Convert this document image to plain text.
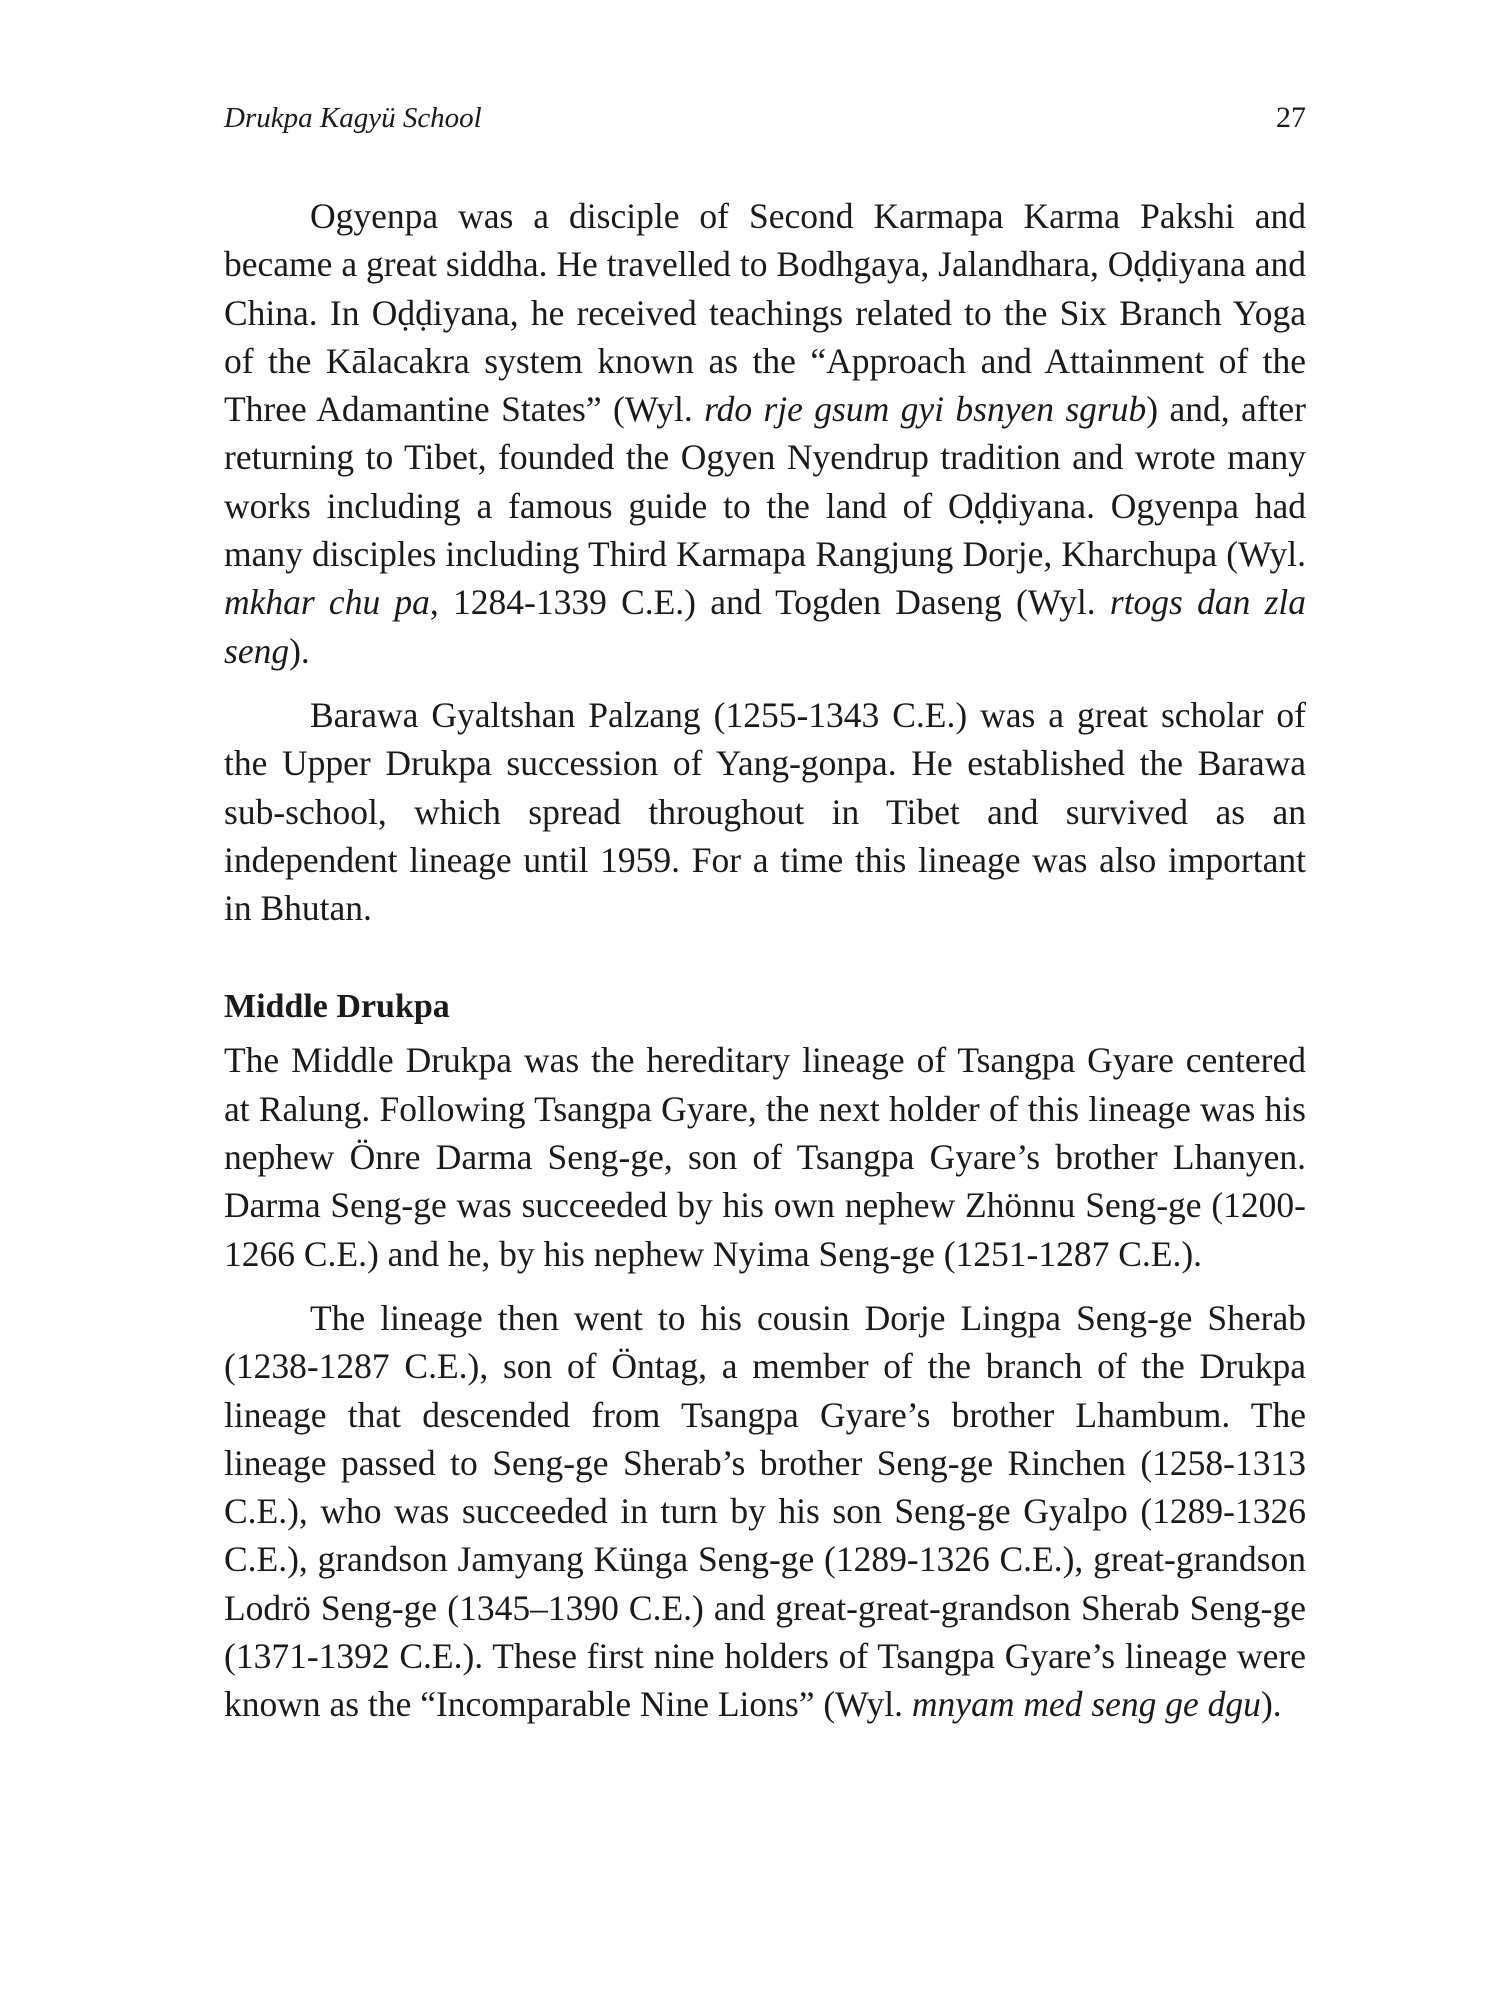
Drukpa Kagyü School	27

Ogyenpa was a disciple of Second Karmapa Karma Pakshi and became a great siddha. He travelled to Bodhgaya, Jalandhara, Oḍḍiyana and China. In Oḍḍiyana, he received teachings related to the Six Branch Yoga of the Kālacakra system known as the “Approach and Attainment of the Three Adamantine States” (Wyl. rdo rje gsum gyi bsnyen sgrub) and, after returning to Tibet, founded the Ogyen Nyendrup tradition and wrote many works including a famous guide to the land of Oḍḍiyana. Ogyenpa had many disciples including Third Karmapa Rangjung Dorje, Kharchupa (Wyl. mkhar chu pa, 1284-1339 C.E.) and Togden Daseng (Wyl. rtogs dan zla seng).

Barawa Gyaltshan Palzang (1255-1343 C.E.) was a great scholar of the Upper Drukpa succession of Yang-gonpa. He established the Barawa sub-school, which spread throughout in Tibet and survived as an independent lineage until 1959. For a time this lineage was also important in Bhutan.

Middle Drukpa

The Middle Drukpa was the hereditary lineage of Tsangpa Gyare centered at Ralung. Following Tsangpa Gyare, the next holder of this lineage was his nephew Önre Darma Seng-ge, son of Tsangpa Gyare’s brother Lhanyen. Darma Seng-ge was succeeded by his own nephew Zhönnu Seng-ge (1200-1266 C.E.) and he, by his nephew Nyima Seng-ge (1251-1287 C.E.).

The lineage then went to his cousin Dorje Lingpa Seng-ge Sherab (1238-1287 C.E.), son of Öntag, a member of the branch of the Drukpa lineage that descended from Tsangpa Gyare’s brother Lhambum. The lineage passed to Seng-ge Sherab’s brother Seng-ge Rinchen (1258-1313 C.E.), who was succeeded in turn by his son Seng-ge Gyalpo (1289-1326 C.E.), grandson Jamyang Künga Seng-ge (1289-1326 C.E.), great-grandson Lodrö Seng-ge (1345–1390 C.E.) and great-great-grandson Sherab Seng-ge (1371-1392 C.E.). These first nine holders of Tsangpa Gyare’s lineage were known as the “Incomparable Nine Lions” (Wyl. mnyam med seng ge dgu).
